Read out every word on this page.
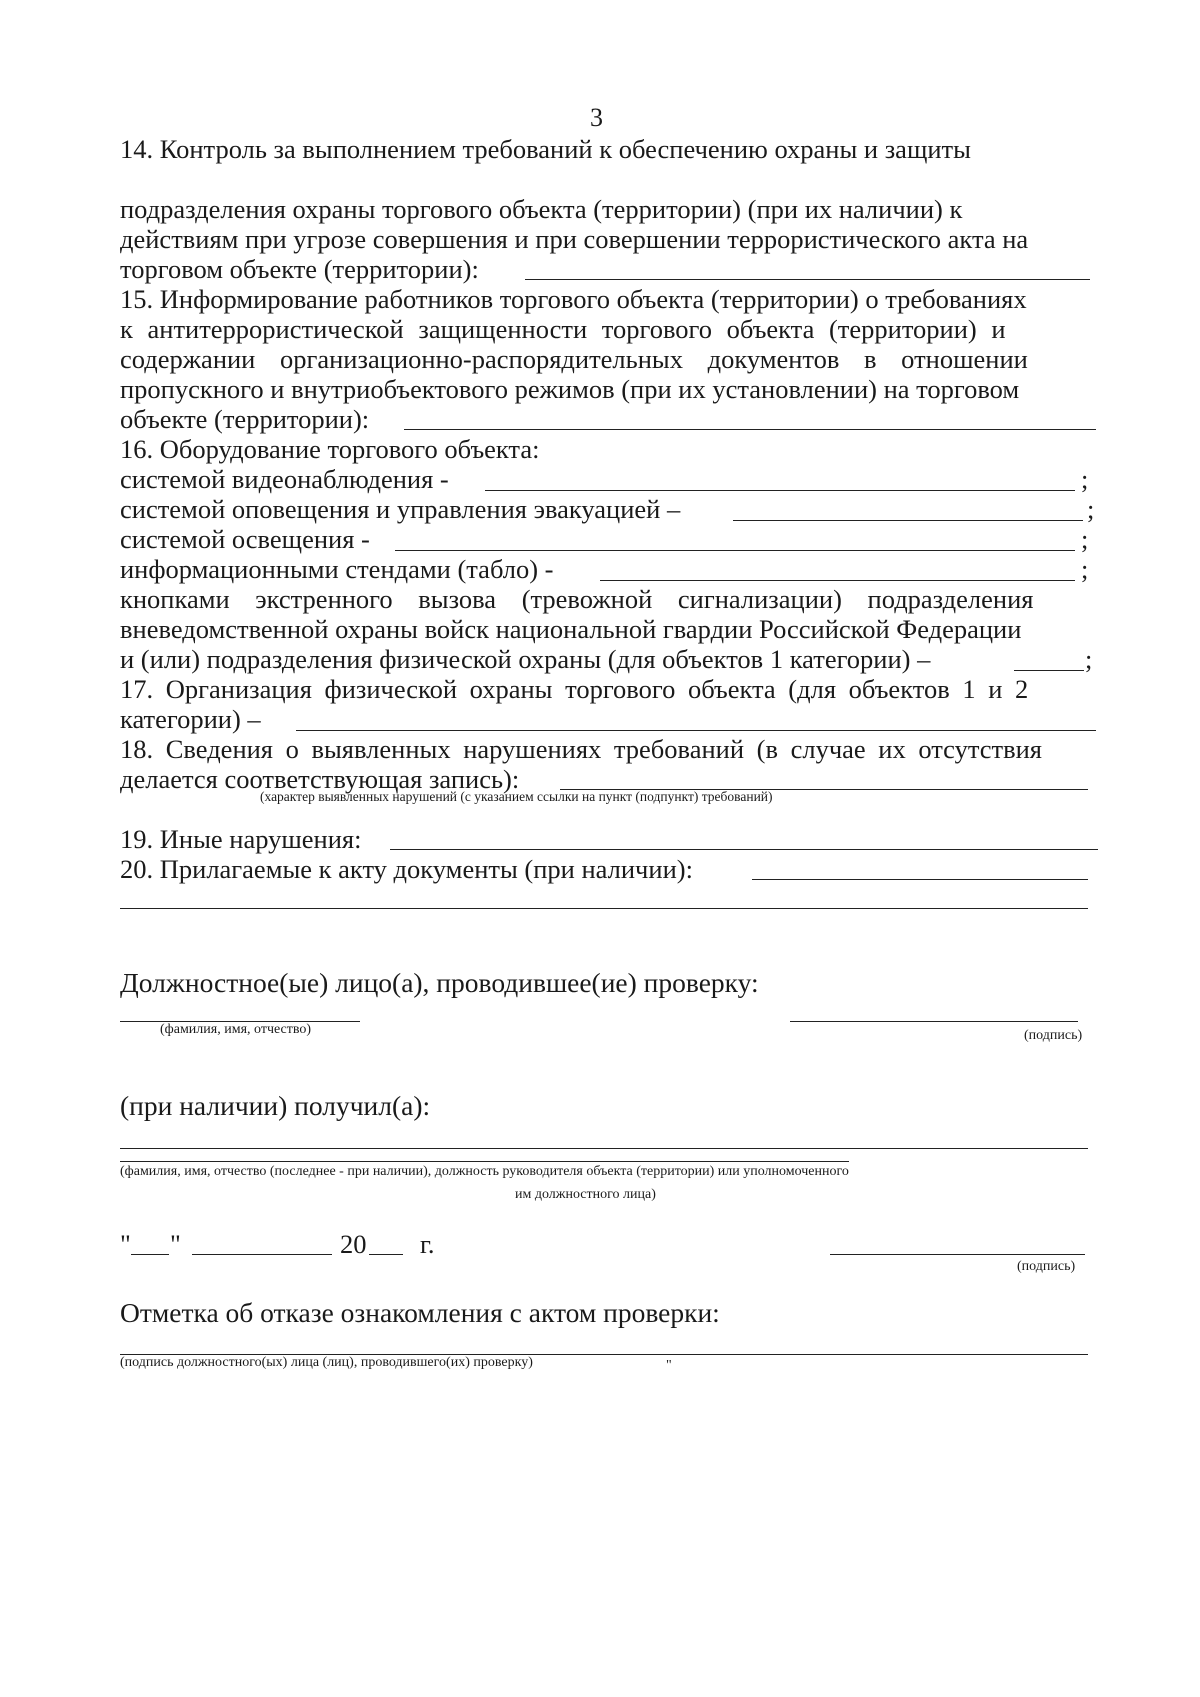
3
14. Контроль за выполнением требований к обеспечению охраны и защиты
подразделения охраны торгового объекта (территории) (при их наличии) к
действиям при угрозе совершения и при совершении террористического акта на
торговом объекте (территории):
15. Информирование работников торгового объекта (территории) о требованиях
к антитеррористической защищенности торгового объекта (территории) и
содержании организационно-распорядительных документов в отношении
пропускного и внутриобъектового режимов (при их установлении) на торговом
объекте (территории):
16. Оборудование торгового объекта:
системой видеонаблюдения -	;
системой оповещения и управления эвакуацией –	;
системой освещения -	;
информационными стендами (табло) -	;
кнопками экстренного вызова (тревожной сигнализации) подразделения
вневедомственной охраны войск национальной гвардии Российской Федерации
и (или) подразделения физической охраны (для объектов 1 категории) –	;
17. Организация физической охраны торгового объекта (для объектов 1 и 2
категории) –
18. Сведения о выявленных нарушениях требований (в случае их отсутствия
делается соответствующая запись):
(характер выявленных нарушений (с указанием ссылки на пункт (подпункт) требований)
19. Иные нарушения:
20. Прилагаемые к акту документы (при наличии):
Должностное(ые) лицо(а), проводившее(ие) проверку:
(фамилия, имя, отчество)	(подпись)
(при наличии) получил(а):
(фамилия, имя, отчество (последнее - при наличии), должность руководителя объекта (территории) или уполномоченного
им должностного лица)
" "	20 г.
(подпись)
Отметка об отказе ознакомления с актом проверки:
(подпись должностного(ых) лица (лиц), проводившего(их) проверку)	"
